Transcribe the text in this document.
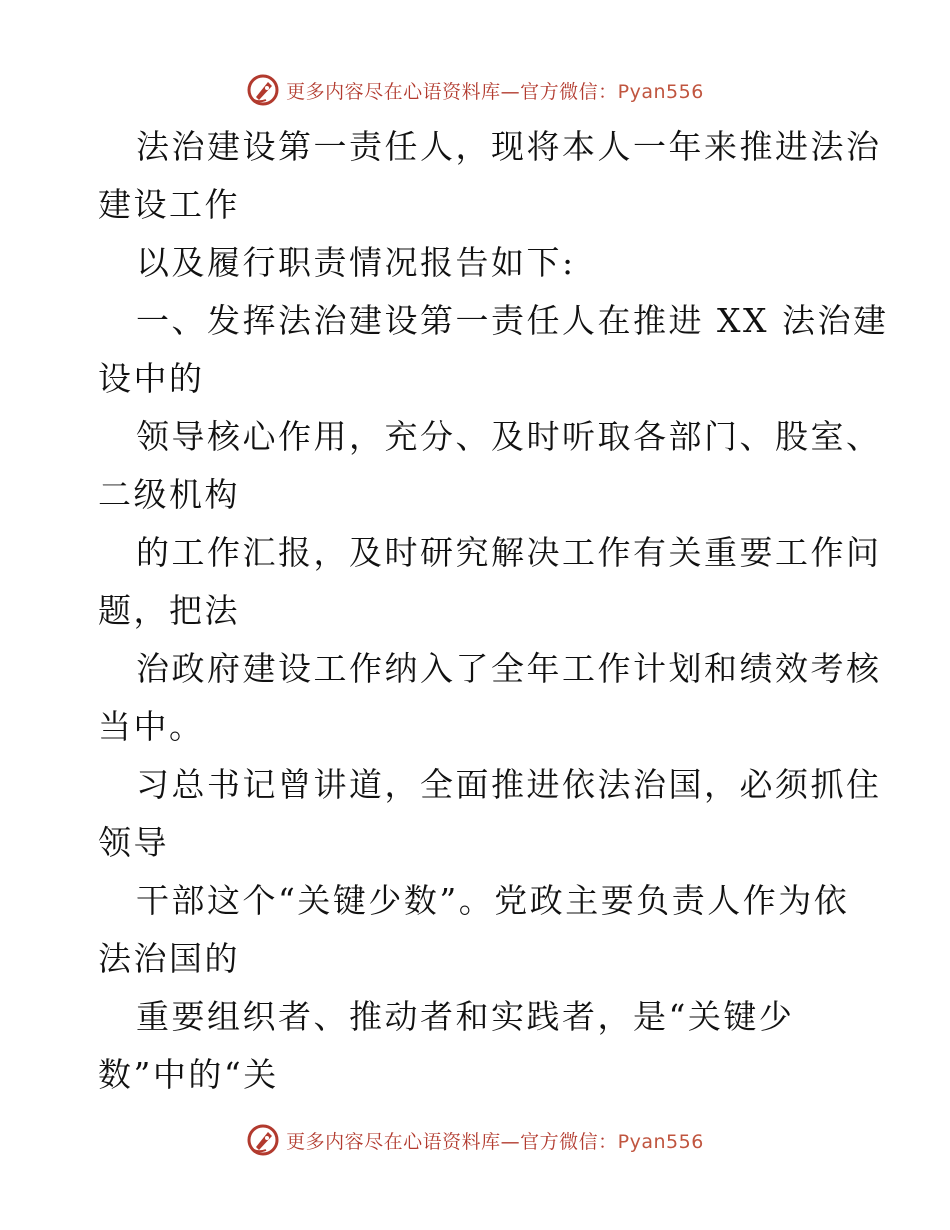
更多内容尽在心语资料库—官方微信：Pyan556
法治建设第一责任人，现将本人一年来推进法治
建设工作
以及履行职责情况报告如下:
一、发挥法治建设第一责任人在推进 XX 法治建
设中的
领导核心作用，充分、及时听取各部门、股室、
二级机构
的工作汇报，及时研究解决工作有关重要工作问
题，把法
治政府建设工作纳入了全年工作计划和绩效考核
当中。
习总书记曾讲道，全面推进依法治国，必须抓住
领导
干部这个“关键少数”。党政主要负责人作为依
法治国的
重要组织者、推动者和实践者，是“关键少
数”中的“关
更多内容尽在心语资料库—官方微信：Pyan556
